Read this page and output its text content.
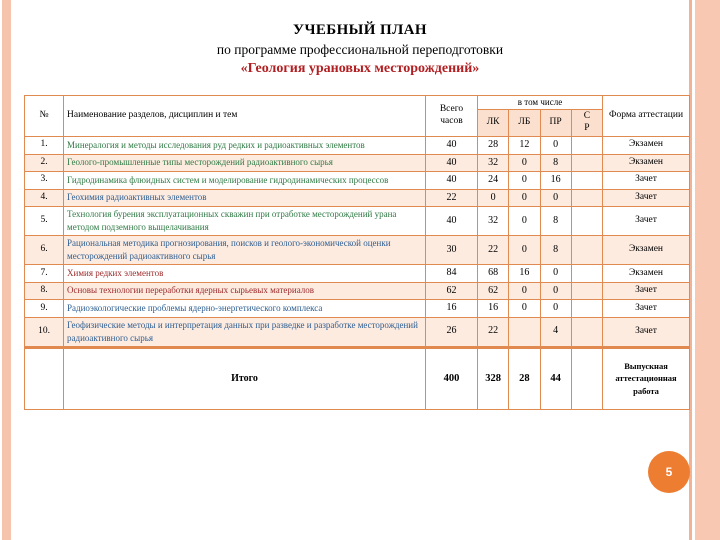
УЧЕБНЫЙ ПЛАН
по программе профессиональной переподготовки
«Геология урановых месторождений»
№	Наименование разделов, дисциплин и тем	Всего часов	в том числе				Форма аттестации
			ЛК	ЛБ	ПР	С
Р	
1.	Минералогия и методы исследования руд редких и радиоактивных элементов	40	28	12	0		Экзамен
2.	Геолого-промышленные типы месторождений радиоактивного сырья	40	32	0	8		Экзамен
3.	Гидродинамика флюидных систем и моделирование гидродинамических процессов	40	24	0	16		Зачет
4.	Геохимия радиоактивных элементов	22	0	0	0		Зачет
5.	Технология бурения эксплуатационных скважин при отработке месторождений урана методом подземного выщелачивания	40	32	0	8		Зачет
6.	Рациональная методика прогнозирования, поисков и геолого-экономической оценки месторождений радиоактивного сырья	30	22	0	8		Экзамен
7.	Химия редких элементов	84	68	16	0		Экзамен
8.	Основы технологии переработки ядерных сырьевых материалов	62	62	0	0		Зачет
9.	Радиоэкологические проблемы ядерно-энергетического комплекса	16	16	0	0		Зачет
10.	Геофизические методы и интерпретация данных при разведке и разработке месторождений радиоактивного сырья	26	22		4		Зачет
	Итого	400	328	28	44		Выпускная аттестационная работа
5
